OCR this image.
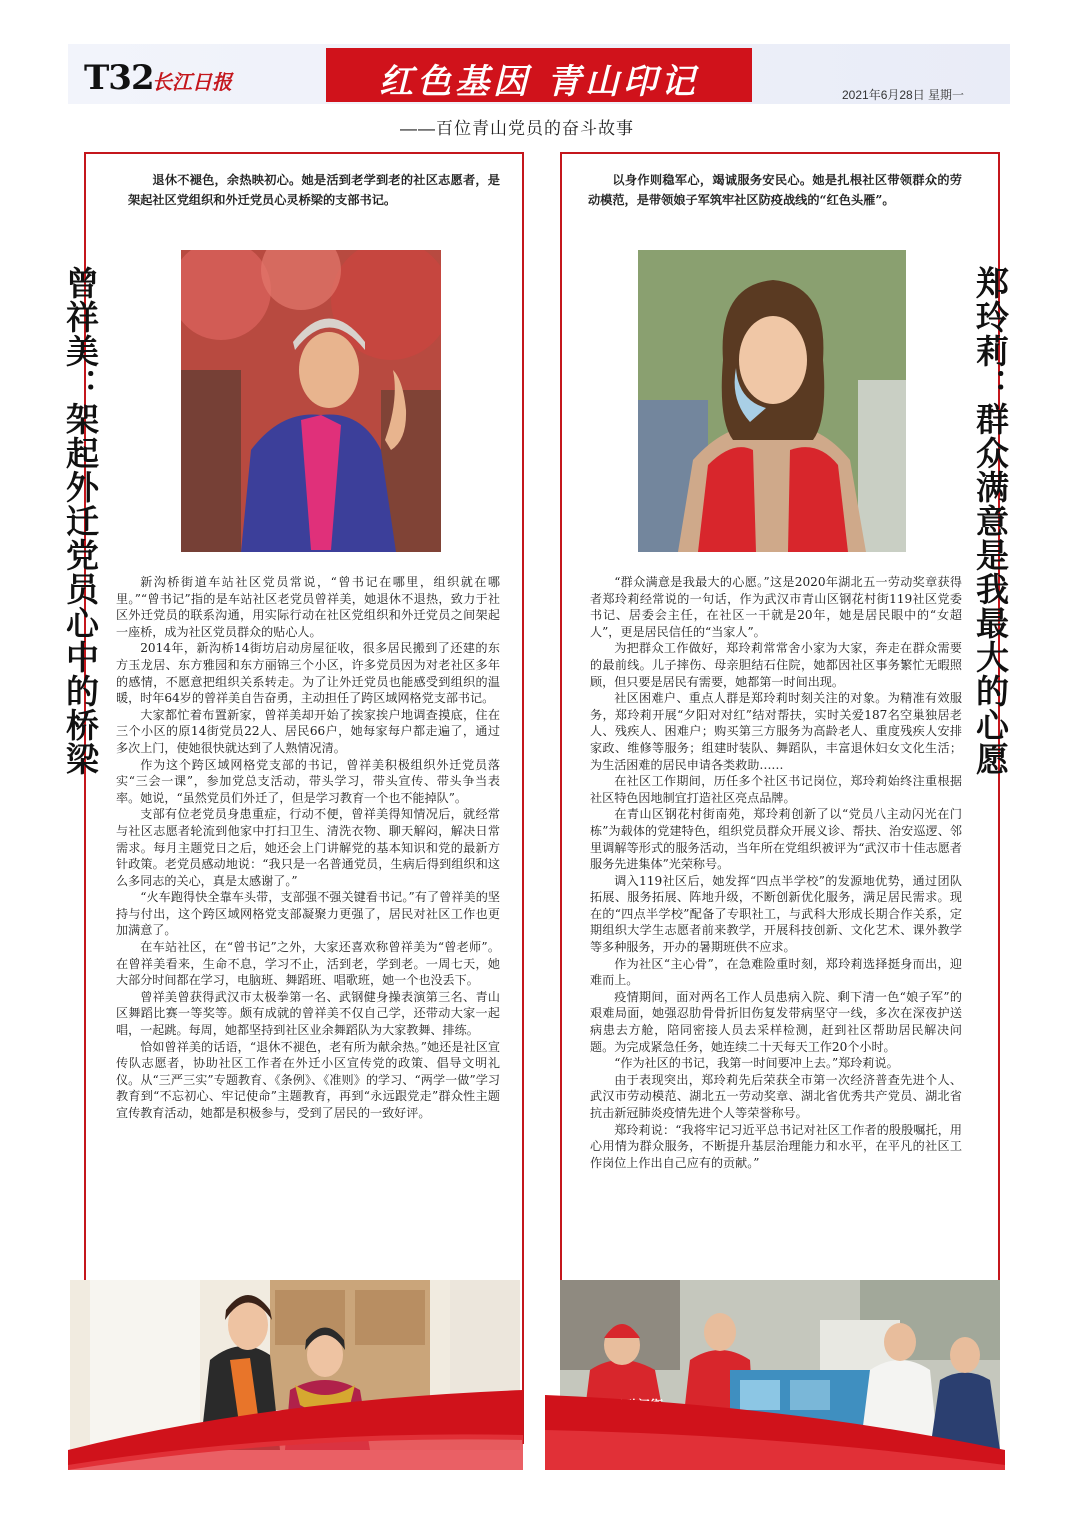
T32
长江日报	红色基因 青山印记	2021年6月28日 星期一
——百位青山党员的奋斗故事
退休不褪色，余热映初心。她是活到老学到老的社区志愿者，是架起社区党组织和外迁党员心灵桥梁的支部书记。
曾祥美：架起外迁党员心中的桥梁	新沟桥街道车站社区党员常说，“曾书记在哪里，组织就在哪里。”“曾书记”指的是车站社区老党员曾祥美，她退休不退热，致力于社区外迁党员的联系沟通，用实际行动在社区党组织和外迁党员之间架起一座桥，成为社区党员群众的贴心人。

2014年，新沟桥14街坊启动房屋征收，很多居民搬到了还建的东方玉龙居、东方雅园和东方丽锦三个小区，许多党员因为对老社区多年的感情，不愿意把组织关系转走。为了让外迁党员也能感受到组织的温暖，时年64岁的曾祥美自告奋勇，主动担任了跨区域网格党支部书记。

大家都忙着布置新家，曾祥美却开始了挨家挨户地调查摸底，住在三个小区的原14街党员22人、居民66户，她每家每户都走遍了，通过多次上门，使她很快就达到了人熟情况清。

作为这个跨区域网格党支部的书记，曾祥美积极组织外迁党员落实“三会一课”，参加党总支活动，带头学习，带头宣传、带头争当表率。她说，“虽然党员们外迁了，但是学习教育一个也不能掉队”。

支部有位老党员身患重症，行动不便，曾祥美得知情况后，就经常与社区志愿者轮流到他家中打扫卫生、清洗衣物、聊天解闷，解决日常需求。每月主题党日之后，她还会上门讲解党的基本知识和党的最新方针政策。老党员感动地说：“我只是一名普通党员，生病后得到组织和这么多同志的关心，真是太感谢了。”

“火车跑得快全靠车头带，支部强不强关键看书记。”有了曾祥美的坚持与付出，这个跨区域网格党支部凝聚力更强了，居民对社区工作也更加满意了。

在车站社区，在“曾书记”之外，大家还喜欢称曾祥美为“曾老师”。在曾祥美看来，生命不息，学习不止，活到老，学到老。一周七天，她大部分时间都在学习，电脑班、舞蹈班、唱歌班，她一个也没丢下。

曾祥美曾获得武汉市太极拳第一名、武钢健身操表演第三名、青山区舞蹈比赛一等奖等。颇有成就的曾祥美不仅自己学，还带动大家一起唱，一起跳。每周，她都坚持到社区业余舞蹈队为大家教舞、排练。

恰如曾祥美的话语，“退休不褪色，老有所为献余热。”她还是社区宣传队志愿者，协助社区工作者在外迁小区宣传党的政策、倡导文明礼仪。从“三严三实”专题教育、《条例》、《准则》的学习、“两学一做”学习教育到“不忘初心、牢记使命”主题教育，再到“永远跟党走”群众性主题宣传教育活动，她都是积极参与，受到了居民的一致好评。

以身作则稳军心，竭诚服务安民心。她是扎根社区带领群众的劳动模范，是带领娘子军筑牢社区防疫战线的“红色头雁”。
郑玲莉：群众满意是我最大的心愿

“群众满意是我最大的心愿。”这是2020年湖北五一劳动奖章获得者郑玲莉经常说的一句话，作为武汉市青山区钢花村街119社区党委书记、居委会主任，在社区一干就是20年，她是居民眼中的“女超人”，更是居民信任的“当家人”。

为把群众工作做好，郑玲莉常常舍小家为大家，奔走在群众需要的最前线。儿子摔伤、母亲胆结石住院，她都因社区事务繁忙无暇照顾，但只要是居民有需要，她都第一时间出现。

社区困难户、重点人群是郑玲莉时刻关注的对象。为精准有效服务，郑玲莉开展“夕阳对对红”结对帮扶，实时关爱187名空巢独居老人、残疾人、困难户；购买第三方服务为高龄老人、重度残疾人安排家政、维修等服务；组建时装队、舞蹈队，丰富退休妇女文化生活；为生活困难的居民申请各类救助……

在社区工作期间，历任多个社区书记岗位，郑玲莉始终注重根据社区特色因地制宜打造社区亮点品牌。

在青山区钢花村街南苑，郑玲莉创新了以“党员八主动闪光在门栋”为载体的党建特色，组织党员群众开展义诊、帮扶、治安巡逻、邻里调解等形式的服务活动，当年所在党组织被评为“武汉市十佳志愿者服务先进集体”光荣称号。

调入119社区后，她发挥“四点半学校”的发源地优势，通过团队拓展、服务拓展、阵地升级，不断创新优化服务，满足居民需求。现在的“四点半学校”配备了专职社工，与武科大形成长期合作关系，定期组织大学生志愿者前来教学，开展科技创新、文化艺术、课外教学等多种服务，开办的暑期班供不应求。

作为社区“主心骨”，在急难险重时刻，郑玲莉选择挺身而出，迎难而上。

疫情期间，面对两名工作人员患病入院、剩下清一色“娘子军”的艰难局面，她强忍肋骨骨折旧伤复发带病坚守一线，多次在深夜护送病患去方舱，陪同密接人员去采样检测，赶到社区帮助居民解决问题。为完成紧急任务，她连续二十天每天工作20个小时。

“作为社区的书记，我第一时间要冲上去。”郑玲莉说。

由于表现突出，郑玲莉先后荣获全市第一次经济普查先进个人、武汉市劳动模范、湖北五一劳动奖章、湖北省优秀共产党员、湖北省抗击新冠肺炎疫情先进个人等荣誉称号。

郑玲莉说：“我将牢记习近平总书记对社区工作者的殷殷嘱托，用心用情为群众服务，不断提升基层治理能力和水平，在平凡的社区工作岗位上作出自己应有的贡献。”
